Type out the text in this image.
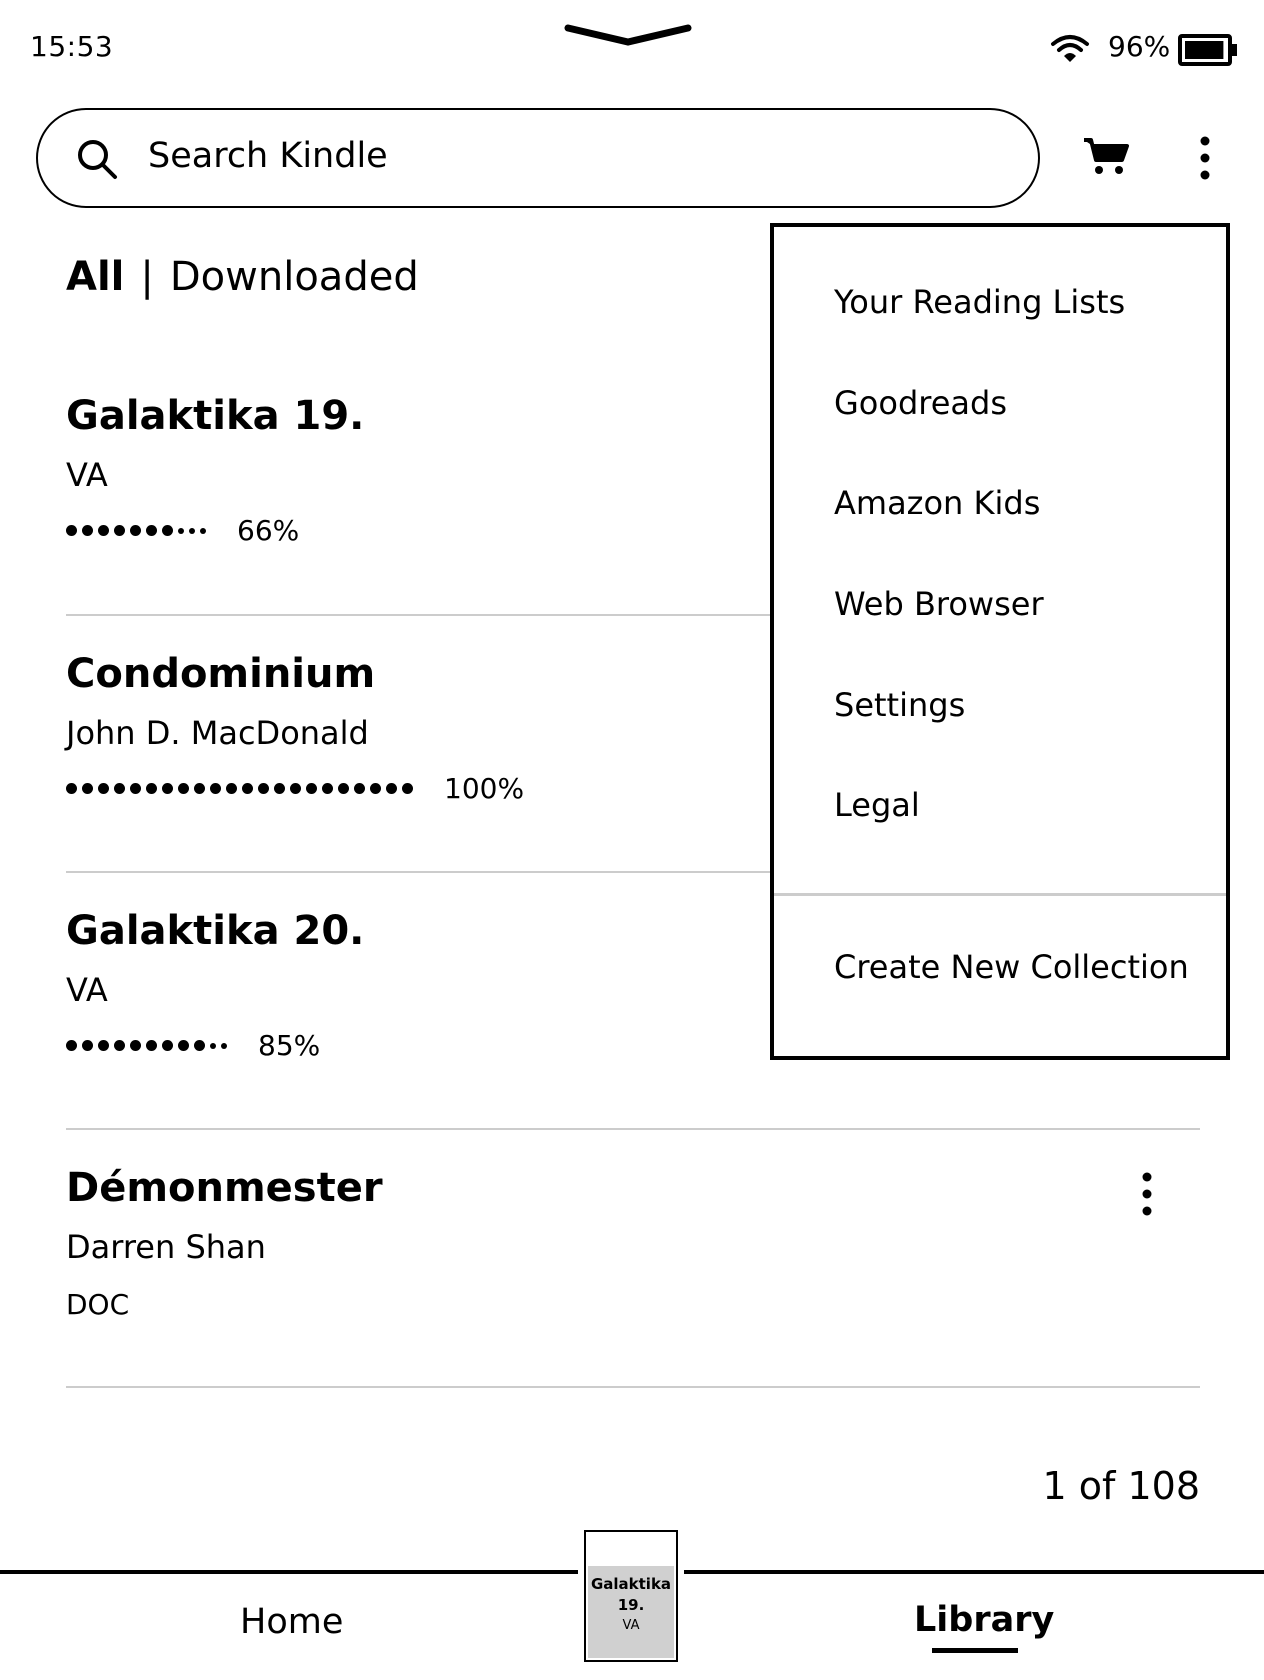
15:53	96%
Search Kindle
All | Downloaded
Galaktika 19.
VA
66%
Condominium
John D. MacDonald
100%
Galaktika 20.
VA
85%
Démonmester
Darren Shan
DOC
1 of 108
Home
Galaktika
19.
VA	Library
Your Reading Lists
Goodreads
Amazon Kids
Web Browser
Settings
Legal
Create New Collection
